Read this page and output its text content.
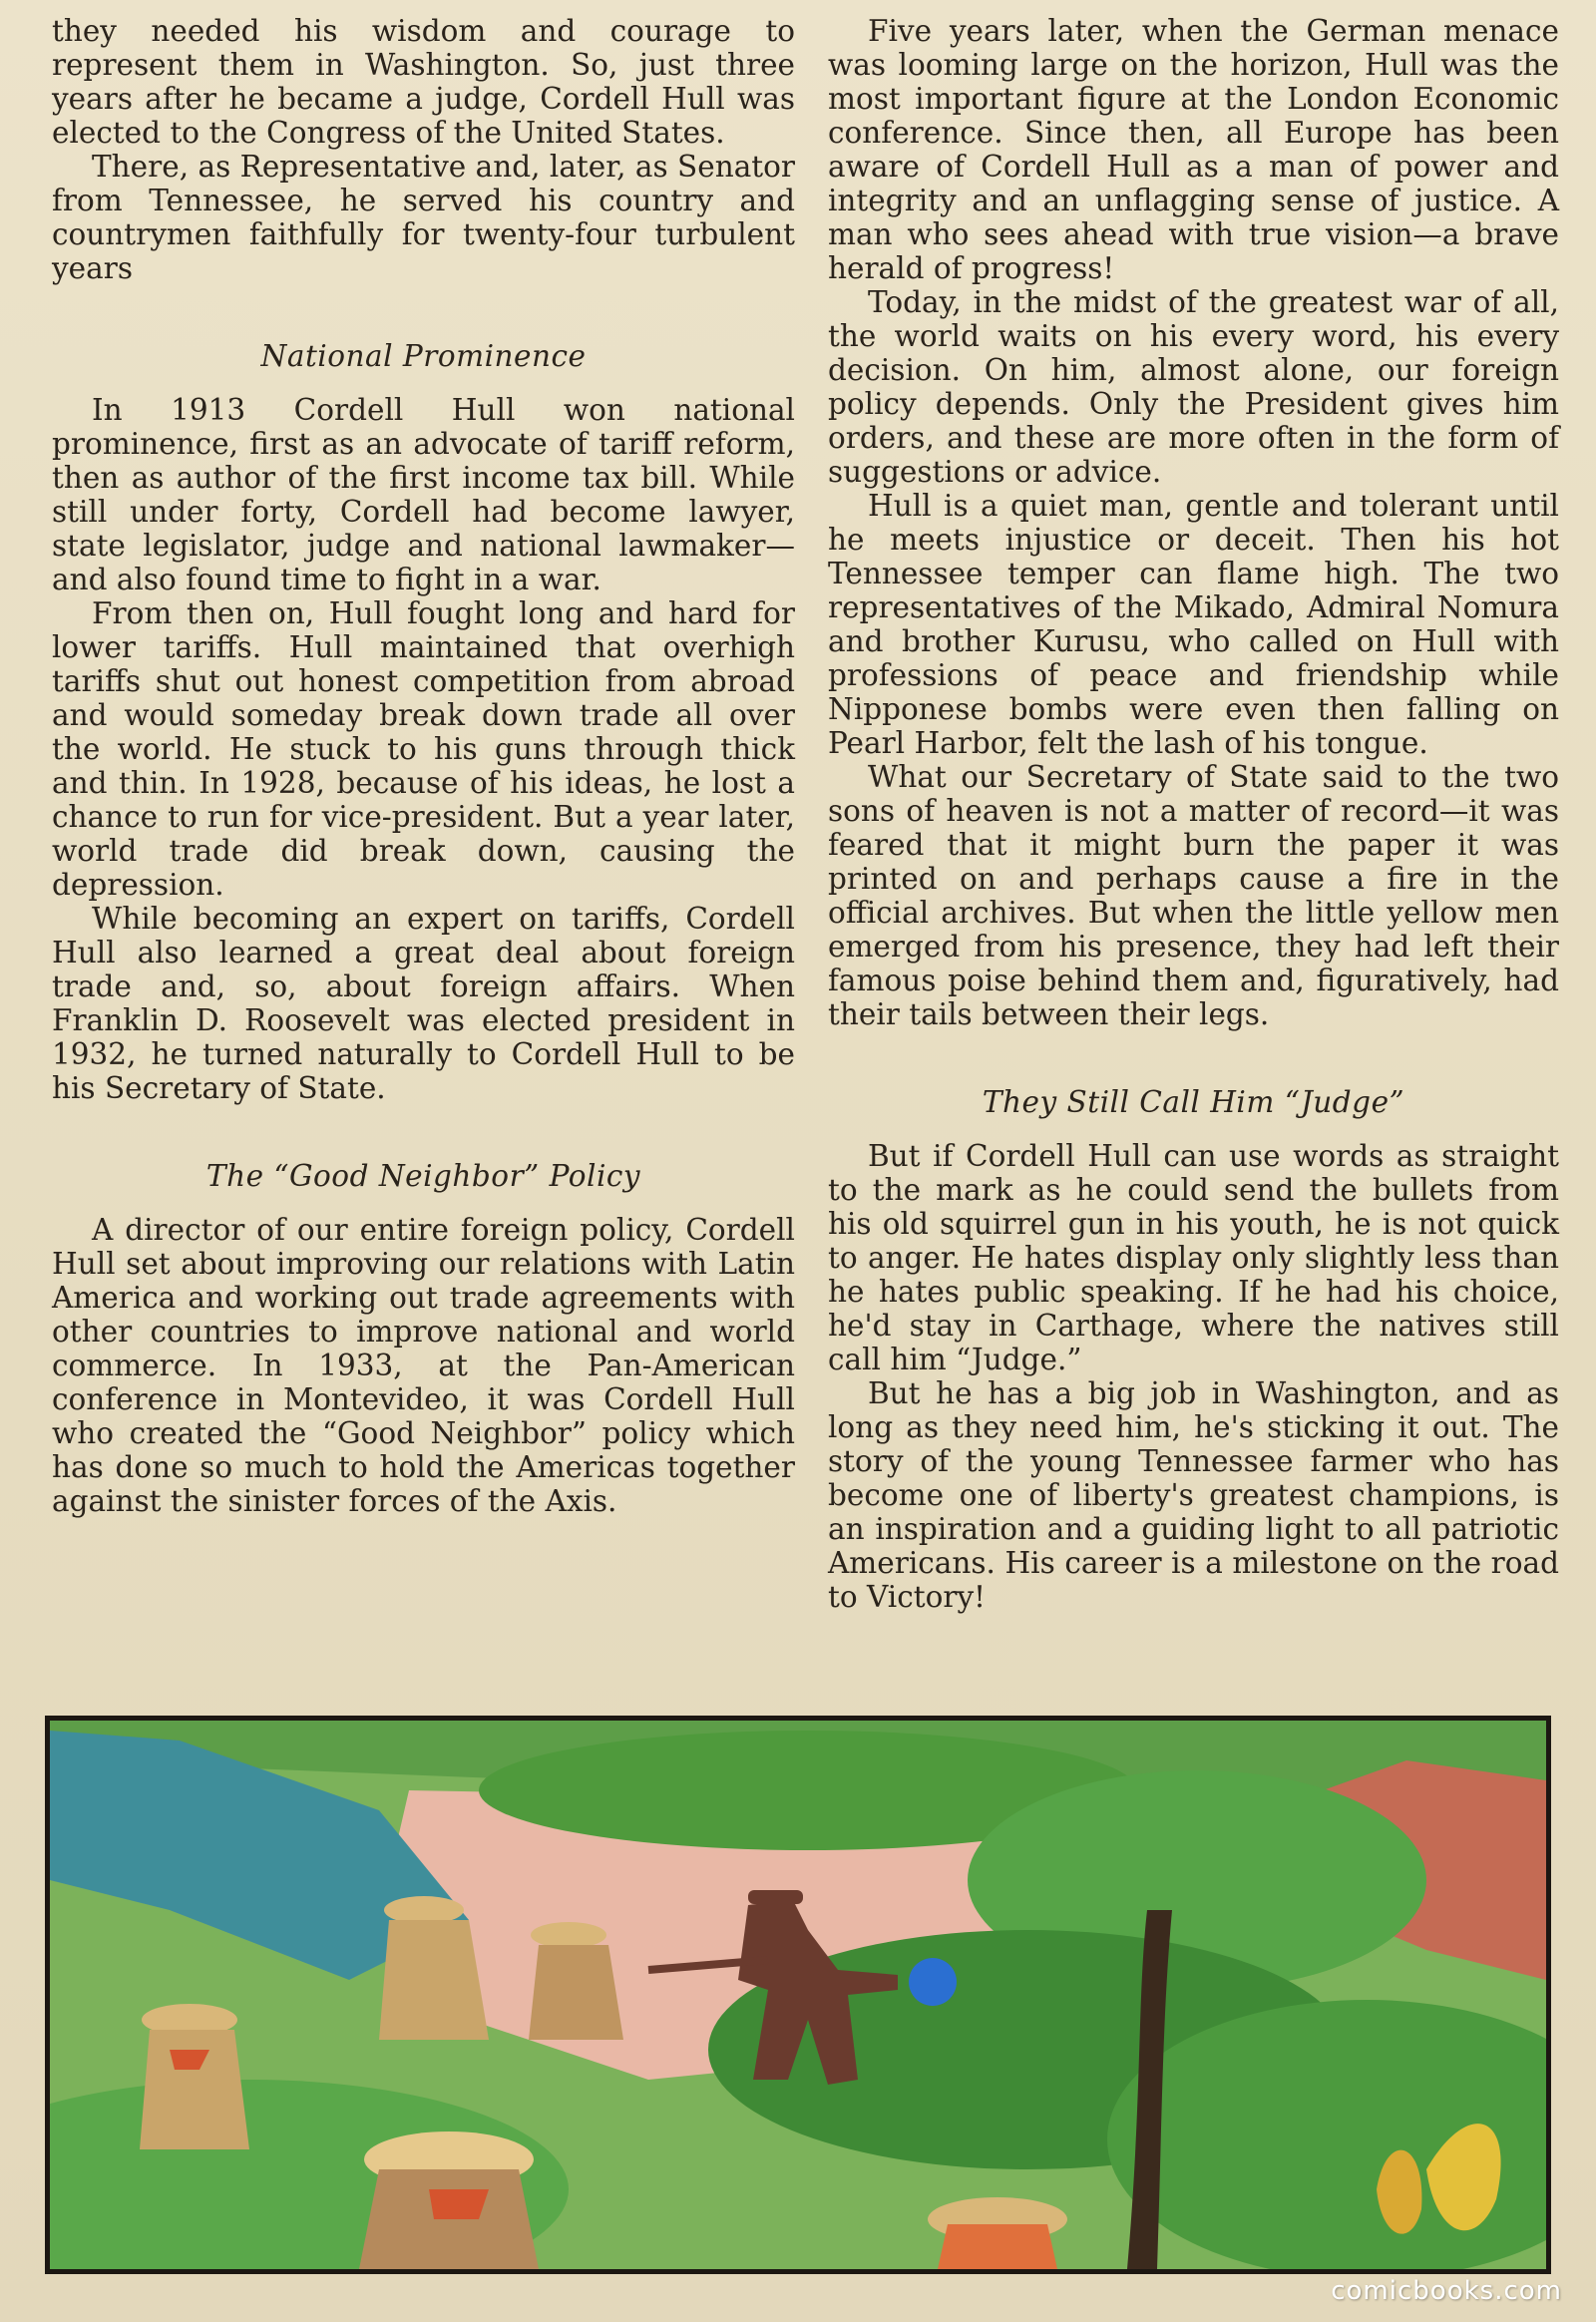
they needed his wisdom and courage to represent them in Washington. So, just three years after he became a judge, Cordell Hull was elected to the Congress of the United States.

There, as Representative and, later, as Senator from Tennessee, he served his country and countrymen faithfully for twenty-four turbulent years

National Prominence

In 1913 Cordell Hull won national prominence, first as an advocate of tariff reform, then as author of the first income tax bill. While still under forty, Cordell had become lawyer, state legislator, judge and national lawmaker—and also found time to fight in a war.

From then on, Hull fought long and hard for lower tariffs. Hull maintained that overhigh tariffs shut out honest competition from abroad and would someday break down trade all over the world. He stuck to his guns through thick and thin. In 1928, because of his ideas, he lost a chance to run for vice-president. But a year later, world trade did break down, causing the depression.

While becoming an expert on tariffs, Cordell Hull also learned a great deal about foreign trade and, so, about foreign affairs. When Franklin D. Roosevelt was elected president in 1932, he turned naturally to Cordell Hull to be his Secretary of State.

The “Good Neighbor” Policy

A director of our entire foreign policy, Cordell Hull set about improving our relations with Latin America and working out trade agreements with other countries to improve national and world commerce. In 1933, at the Pan-American conference in Montevideo, it was Cordell Hull who created the “Good Neighbor” policy which has done so much to hold the Americas together against the sinister forces of the Axis.

Five years later, when the German menace was looming large on the horizon, Hull was the most important figure at the London Economic conference. Since then, all Europe has been aware of Cordell Hull as a man of power and integrity and an unflagging sense of justice. A man who sees ahead with true vision—a brave herald of progress!

Today, in the midst of the greatest war of all, the world waits on his every word, his every decision. On him, almost alone, our foreign policy depends. Only the President gives him orders, and these are more often in the form of suggestions or advice.

Hull is a quiet man, gentle and tolerant until he meets injustice or deceit. Then his hot Tennessee temper can flame high. The two representatives of the Mikado, Admiral Nomura and brother Kurusu, who called on Hull with professions of peace and friendship while Nipponese bombs were even then falling on Pearl Harbor, felt the lash of his tongue.

What our Secretary of State said to the two sons of heaven is not a matter of record—it was feared that it might burn the paper it was printed on and perhaps cause a fire in the official archives. But when the little yellow men emerged from his presence, they had left their famous poise behind them and, figuratively, had their tails between their legs.

They Still Call Him “Judge”

But if Cordell Hull can use words as straight to the mark as he could send the bullets from his old squirrel gun in his youth, he is not quick to anger. He hates display only slightly less than he hates public speaking. If he had his choice, he'd stay in Carthage, where the natives still call him “Judge.”

But he has a big job in Washington, and as long as they need him, he's sticking it out. The story of the young Tennessee farmer who has become one of liberty's greatest champions, is an inspiration and a guiding light to all patriotic Americans. His career is a milestone on the road to Victory!

comicbooks.com
